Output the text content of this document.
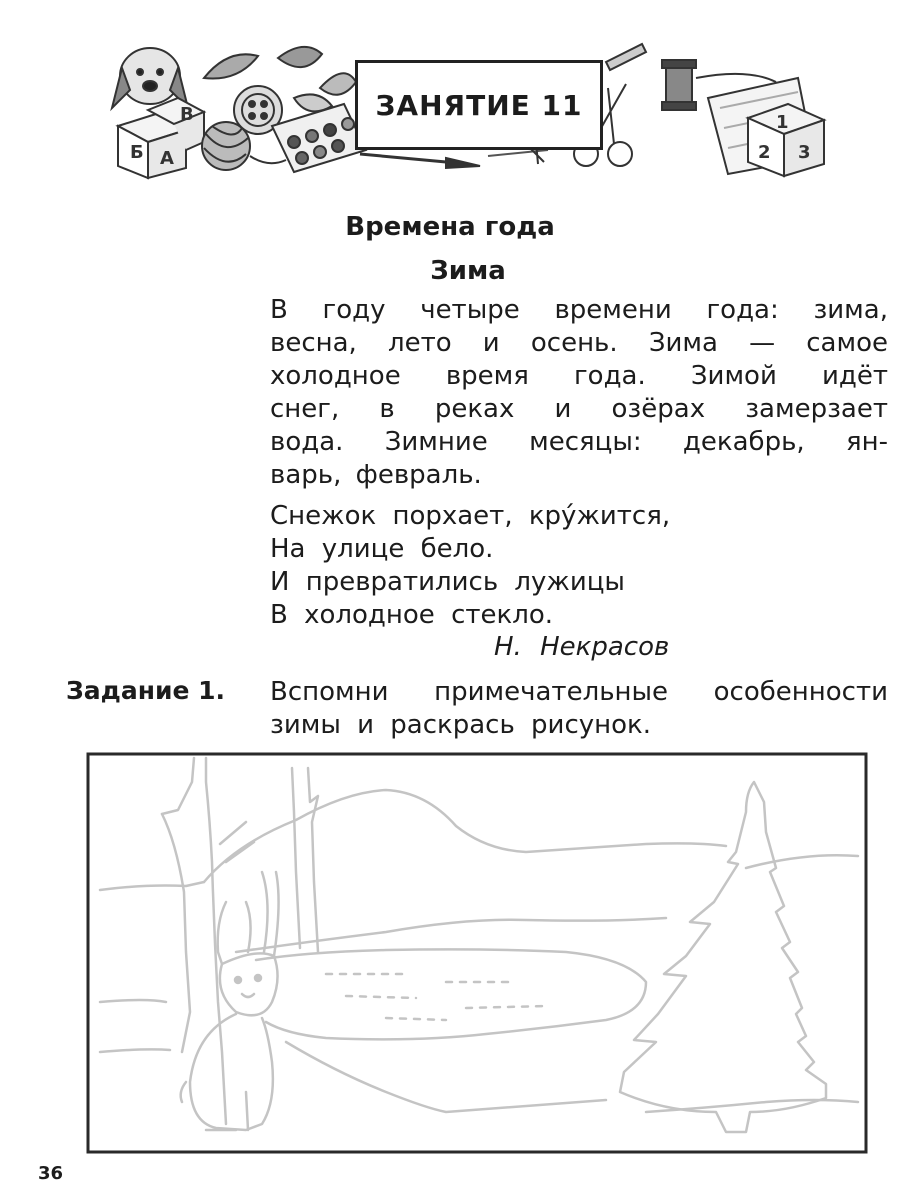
Б А
В	1
2 3
ЗАНЯТИЕ 11
Времена года
Зима
В году четыре времени года: зима,
весна, лето и осень. Зима — самое
холодное время года. Зимой идёт
снег, в реках и озёрах замерзает
вода. Зимние месяцы: декабрь, ян-
варь, февраль.
Снежок порхает, кру́жится,
На улице бело.
И превратились лужицы
В холодное стекло.
Н. Некрасов
Задание 1. Вспомни примечательные особенности
зимы и раскрась рисунок.
36
